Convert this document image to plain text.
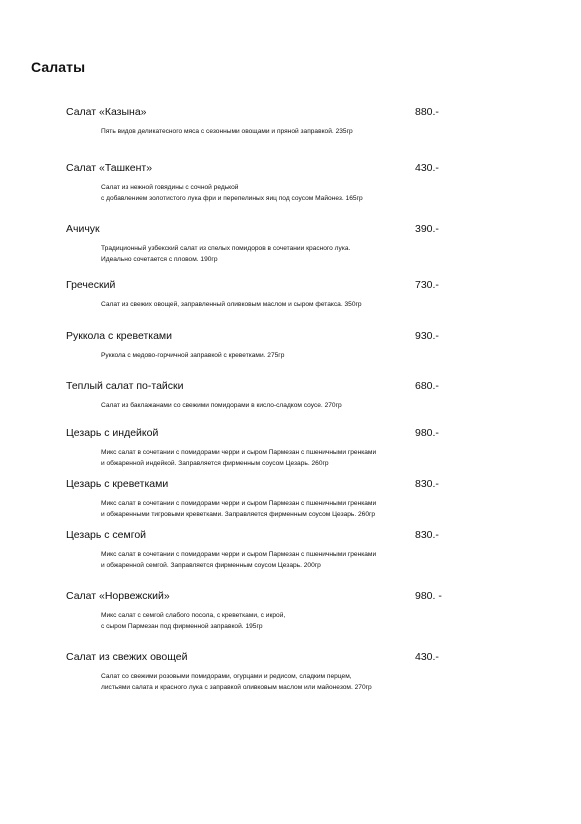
Салаты
Салат «Казына»	880.-
Пять видов деликатесного мяса с сезонными овощами и пряной заправкой. 235гр
Салат «Ташкент»	430.-
Салат из нежной говядины с сочной редькой
с добавлением золотистого лука фри и перепелиных яиц под соусом Майонез. 165гр
Ачичук	390.-
Традиционный узбекский салат из спелых помидоров в сочетании красного лука.
Идеально сочетается с пловом. 190гр
Греческий	730.-
Салат из свежих овощей, заправленный оливковым маслом и сыром фетакса. 350гр
Руккола с креветками	930.-
Руккола с медово-горчичной заправкой с креветками. 275гр
Теплый салат по-тайски	680.-
Салат из баклажанами со свежими помидорами в кисло-сладком соусе. 270гр
Цезарь с индейкой	980.-
Микс салат в сочетании с помидорами черри и сыром Пармезан с пшеничными гренками
и обжаренной индейкой. Заправляется фирменным соусом Цезарь. 260гр
Цезарь с креветками	830.-
Микс салат в сочетании с помидорами черри и сыром Пармезан с пшеничными гренками
и обжаренными тигровыми креветками. Заправляется фирменным соусом Цезарь. 260гр
Цезарь с семгой	830.-
Микс салат в сочетании с помидорами черри и сыром Пармезан с пшеничными гренками
и обжаренной семгой. Заправляется фирменным соусом Цезарь. 200гр
Салат «Норвежский»	980. -
Микс салат с семгой слабого посола, с креветками, с икрой,
с сыром Пармезан под фирменной заправкой. 195гр
Салат из свежих овощей	430.-
Салат со свежими розовыми помидорами, огурцами и редисом, сладким перцем,
листьями салата и красного лука с заправкой оливковым маслом или майонезом. 270гр
